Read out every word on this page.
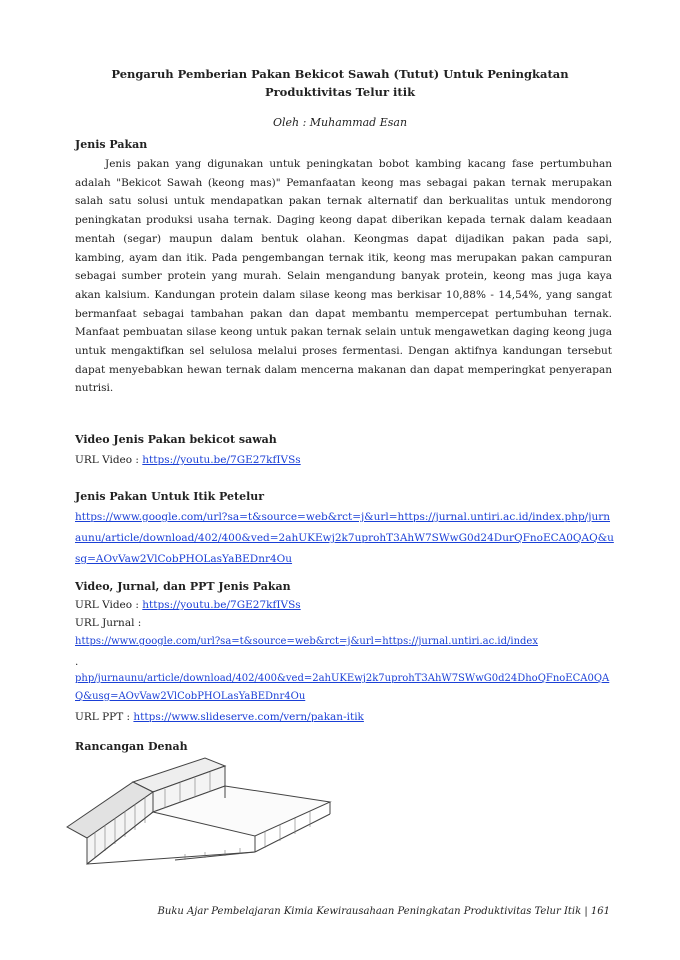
Pengaruh Pemberian Pakan Bekicot Sawah (Tutut) Untuk Peningkatan
Produktivitas Telur itik
Oleh : Muhammad Esan
Jenis Pakan

Jenis pakan yang digunakan untuk peningkatan bobot kambing kacang fase pertumbuhan adalah "Bekicot Sawah (keong mas)" Pemanfaatan keong mas sebagai pakan ternak merupakan salah satu solusi untuk mendapatkan pakan ternak alternatif dan berkualitas untuk mendorong peningkatan produksi usaha ternak. Daging keong dapat diberikan kepada ternak dalam keadaan mentah (segar) maupun dalam bentuk olahan. Keongmas dapat dijadikan pakan pada sapi, kambing, ayam dan itik. Pada pengembangan ternak itik, keong mas merupakan pakan campuran sebagai sumber protein yang murah. Selain mengandung banyak protein, keong mas juga kaya akan kalsium. Kandungan protein dalam silase keong mas berkisar 10,88% - 14,54%, yang sangat bermanfaat sebagai tambahan pakan dan dapat membantu mempercepat pertumbuhan ternak. Manfaat pembuatan silase keong untuk pakan ternak selain untuk mengawetkan daging keong juga untuk mengaktifkan sel selulosa melalui proses fermentasi. Dengan aktifnya kandungan tersebut dapat menyebabkan hewan ternak dalam mencerna makanan dan dapat memperingkat penyerapan nutrisi.

Video Jenis Pakan bekicot sawah
URL Video : https://youtu.be/7GE27kfIVSs
Jenis Pakan Untuk Itik Petelur

https://www.google.com/url?sa=t&source=web&rct=j&url=https://jurnal.untiri.ac.id/index.php/jurnaunu/article/download/402/400&ved=2ahUKEwj2k7uprohT3AhW7SWwG0d24DurQFnoECA0QAQ&usg=AOvVaw2VlCobPHOLasYaBEDnr4Ou

Video, Jurnal, dan PPT Jenis Pakan
URL Video : https://youtu.be/7GE27kfIVSs
URL Jurnal :
https://www.google.com/url?sa=t&source=web&rct=j&url=https://jurnal.untiri.ac.id/index
.

php/jurnaunu/article/download/402/400&ved=2ahUKEwj2k7uprohT3AhW7SWwG0d24DhoQFnoECA0QAQ&usg=AOvVaw2VlCobPHOLasYaBEDnr4Ou

URL PPT : https://www.slideserve.com/vern/pakan-itik
Rancangan Denah
Buku Ajar Pembelajaran Kimia Kewirausahaan Peningkatan Produktivitas Telur Itik | 161
